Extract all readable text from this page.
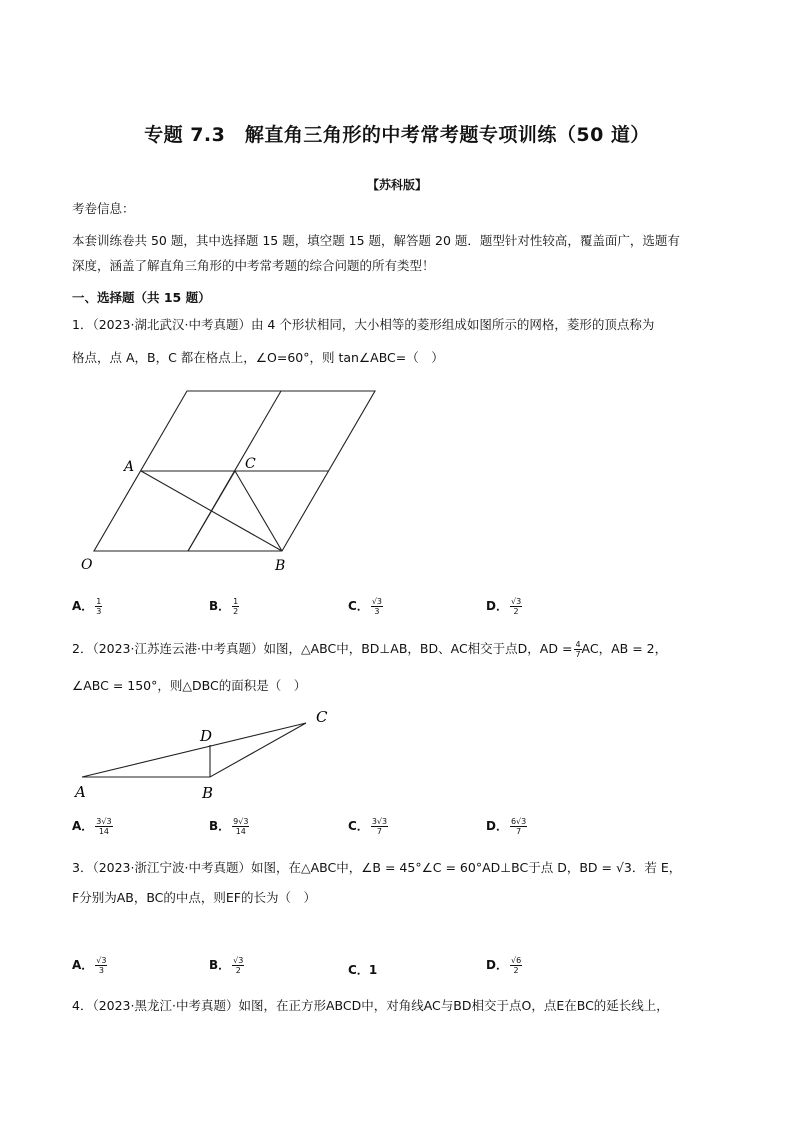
专题 7.3　解直角三角形的中考常考题专项训练（50 道）
【苏科版】
考卷信息：
本套训练卷共 50 题，其中选择题 15 题，填空题 15 题，解答题 20 题．题型针对性较高，覆盖面广，选题有
深度，涵盖了解直角三角形的中考常考题的综合问题的所有类型！
一、选择题（共 15 题）
1．（2023·湖北武汉·中考真题）由 4 个形状相同，大小相等的菱形组成如图所示的网格，菱形的顶点称为
格点，点 A，B，C 都在格点上，∠O=60°，则 tan∠ABC=（　）
A	C
O	B
A． $\frac{1}{3}$	B． $\frac{1}{2}$	C． $\frac{√3}{3}$	D． $\frac{√3}{2}$
2．（2023·江苏连云港·中考真题）如图，△ABC中，BD⊥AB，BD、AC相交于点D，AD = $\frac{4}{7}$ AC，AB = 2，
∠ABC = 150°，则△DBC的面积是（　）
A	B
D
C
A． $\frac{3√3}{14}$	B． $\frac{9√3}{14}$	C． $\frac{3√3}{7}$	D． $\frac{6√3}{7}$
3．（2023·浙江宁波·中考真题）如图，在△ABC中，∠B = 45°∠C = 60°AD⊥BC于点 D，BD = √3．若 E，
F分别为AB，BC的中点，则EF的长为（　）
A． $\frac{√3}{3}$	B． $\frac{√3}{2}$	C．1	D． $\frac{√6}{2}$
4．（2023·黑龙江·中考真题）如图，在正方形ABCD中，对角线AC与BD相交于点O，点E在BC的延长线上，
